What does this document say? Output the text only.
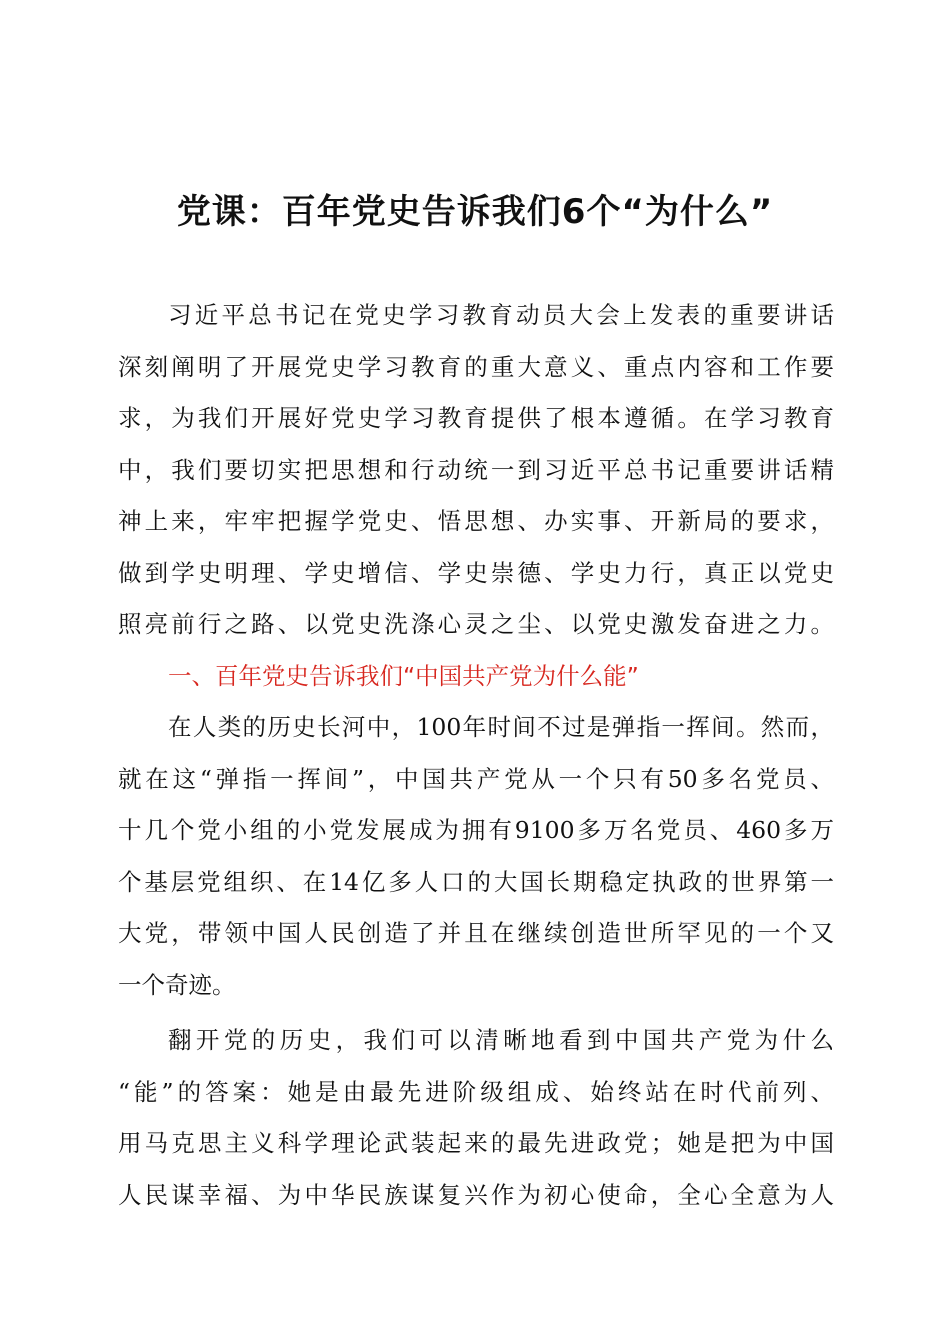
党课：百年党史告诉我们6个“为什么”
习近平总书记在党史学习教育动员大会上发表的重要讲话
深刻阐明了开展党史学习教育的重大意义、重点内容和工作要
求，为我们开展好党史学习教育提供了根本遵循。在学习教育
中，我们要切实把思想和行动统一到习近平总书记重要讲话精
神上来，牢牢把握学党史、悟思想、办实事、开新局的要求，
做到学史明理、学史增信、学史崇德、学史力行，真正以党史
照亮前行之路、以党史洗涤心灵之尘、以党史激发奋进之力。
一、百年党史告诉我们“中国共产党为什么能”
在人类的历史长河中，100年时间不过是弹指一挥间。然而，
就在这“弹指一挥间”，中国共产党从一个只有50多名党员、
十几个党小组的小党发展成为拥有9100多万名党员、460多万
个基层党组织、在14亿多人口的大国长期稳定执政的世界第一
大党，带领中国人民创造了并且在继续创造世所罕见的一个又
一个奇迹。
翻开党的历史，我们可以清晰地看到中国共产党为什么
“能”的答案：她是由最先进阶级组成、始终站在时代前列、
用马克思主义科学理论武装起来的最先进政党；她是把为中国
人民谋幸福、为中华民族谋复兴作为初心使命，全心全意为人
